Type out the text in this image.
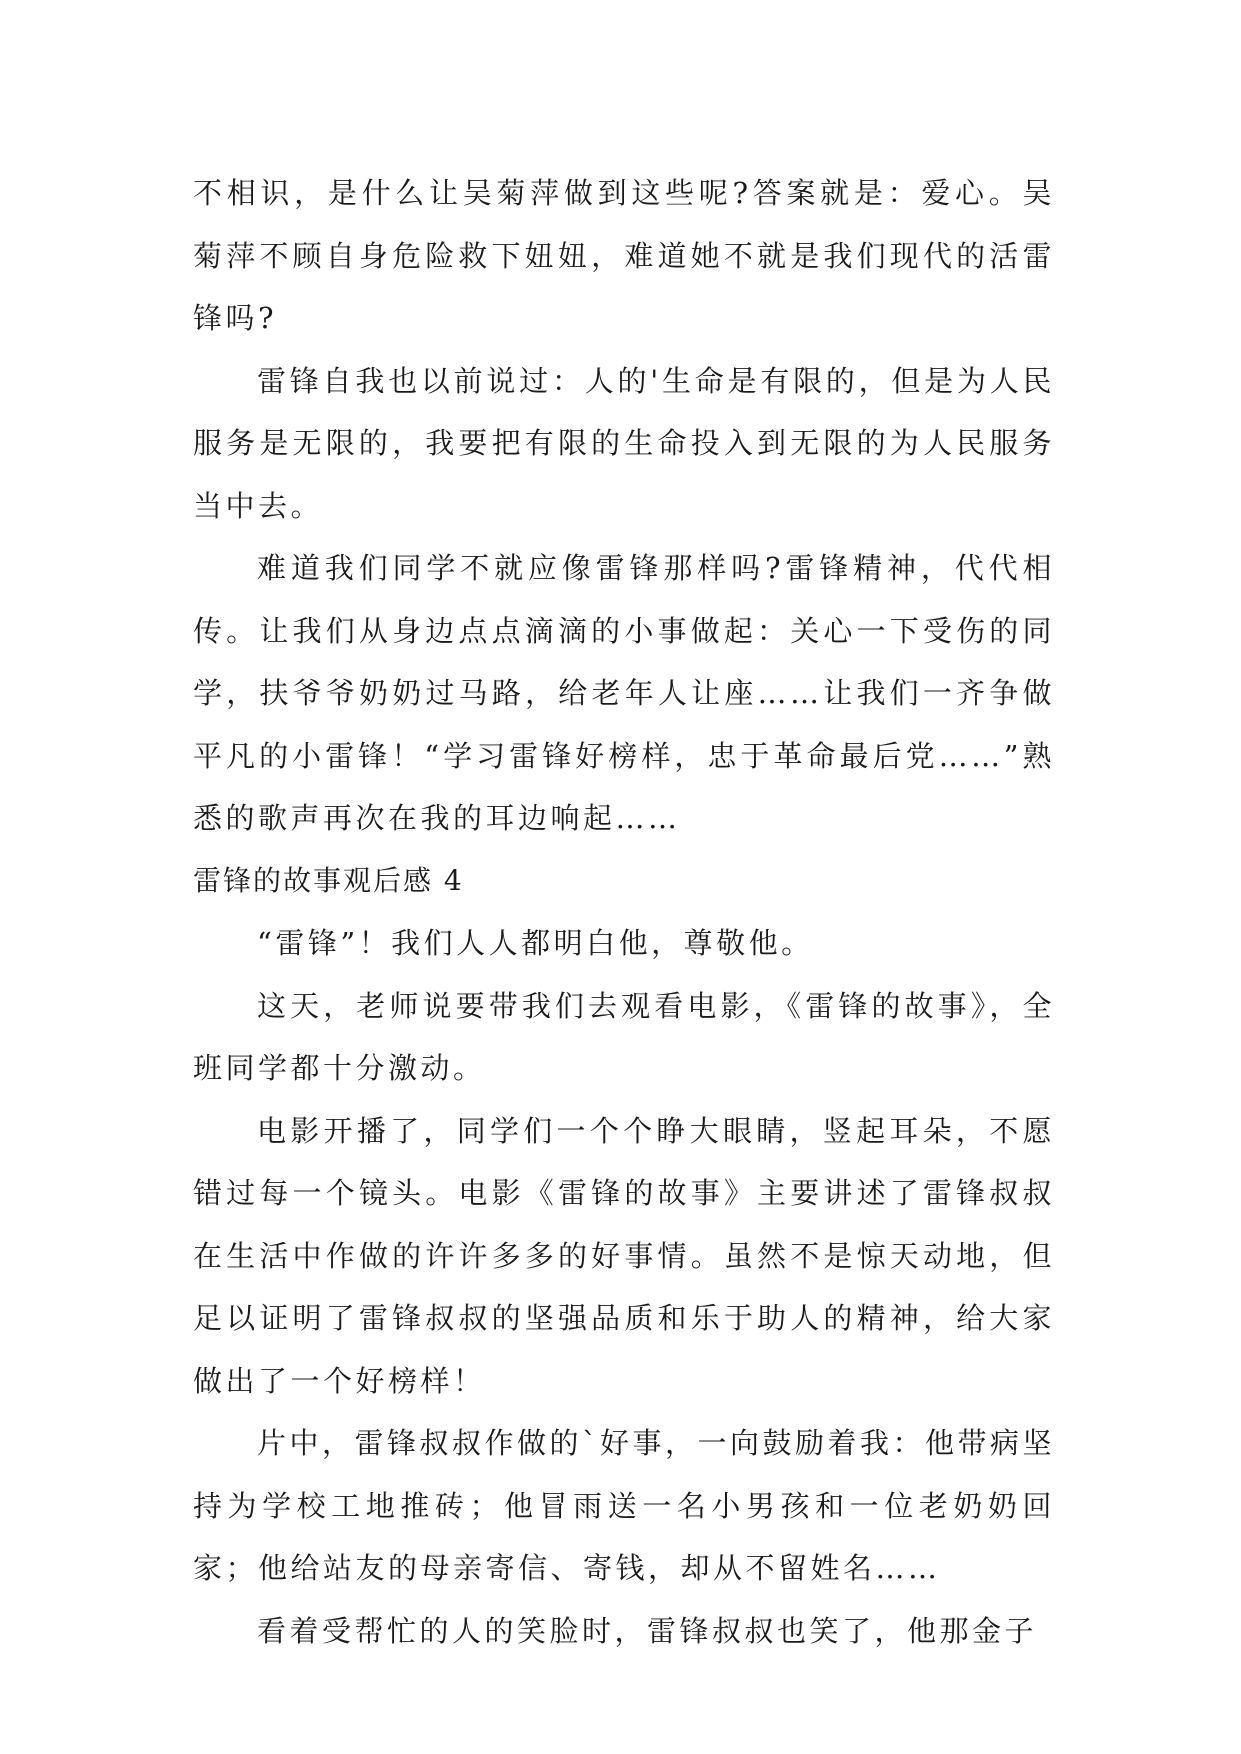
不相识，是什么让吴菊萍做到这些呢?答案就是：爱心。吴菊萍不顾自身危险救下妞妞，难道她不就是我们现代的活雷锋吗?

雷锋自我也以前说过：人的'生命是有限的，但是为人民服务是无限的，我要把有限的生命投入到无限的为人民服务当中去。

难道我们同学不就应像雷锋那样吗?雷锋精神，代代相传。让我们从身边点点滴滴的小事做起：关心一下受伤的同学，扶爷爷奶奶过马路，给老年人让座……让我们一齐争做平凡的小雷锋！“学习雷锋好榜样，忠于革命最后党……”熟悉的歌声再次在我的耳边响起……

雷锋的故事观后感 4

“雷锋”！我们人人都明白他，尊敬他。

这天，老师说要带我们去观看电影，《雷锋的故事》，全班同学都十分激动。

电影开播了，同学们一个个睁大眼睛，竖起耳朵，不愿错过每一个镜头。电影《雷锋的故事》主要讲述了雷锋叔叔在生活中作做的许许多多的好事情。虽然不是惊天动地，但足以证明了雷锋叔叔的坚强品质和乐于助人的精神，给大家做出了一个好榜样！

片中，雷锋叔叔作做的`好事，一向鼓励着我：他带病坚持为学校工地推砖；他冒雨送一名小男孩和一位老奶奶回家；他给站友的母亲寄信、寄钱，却从不留姓名……

看着受帮忙的人的笑脸时，雷锋叔叔也笑了，他那金子
